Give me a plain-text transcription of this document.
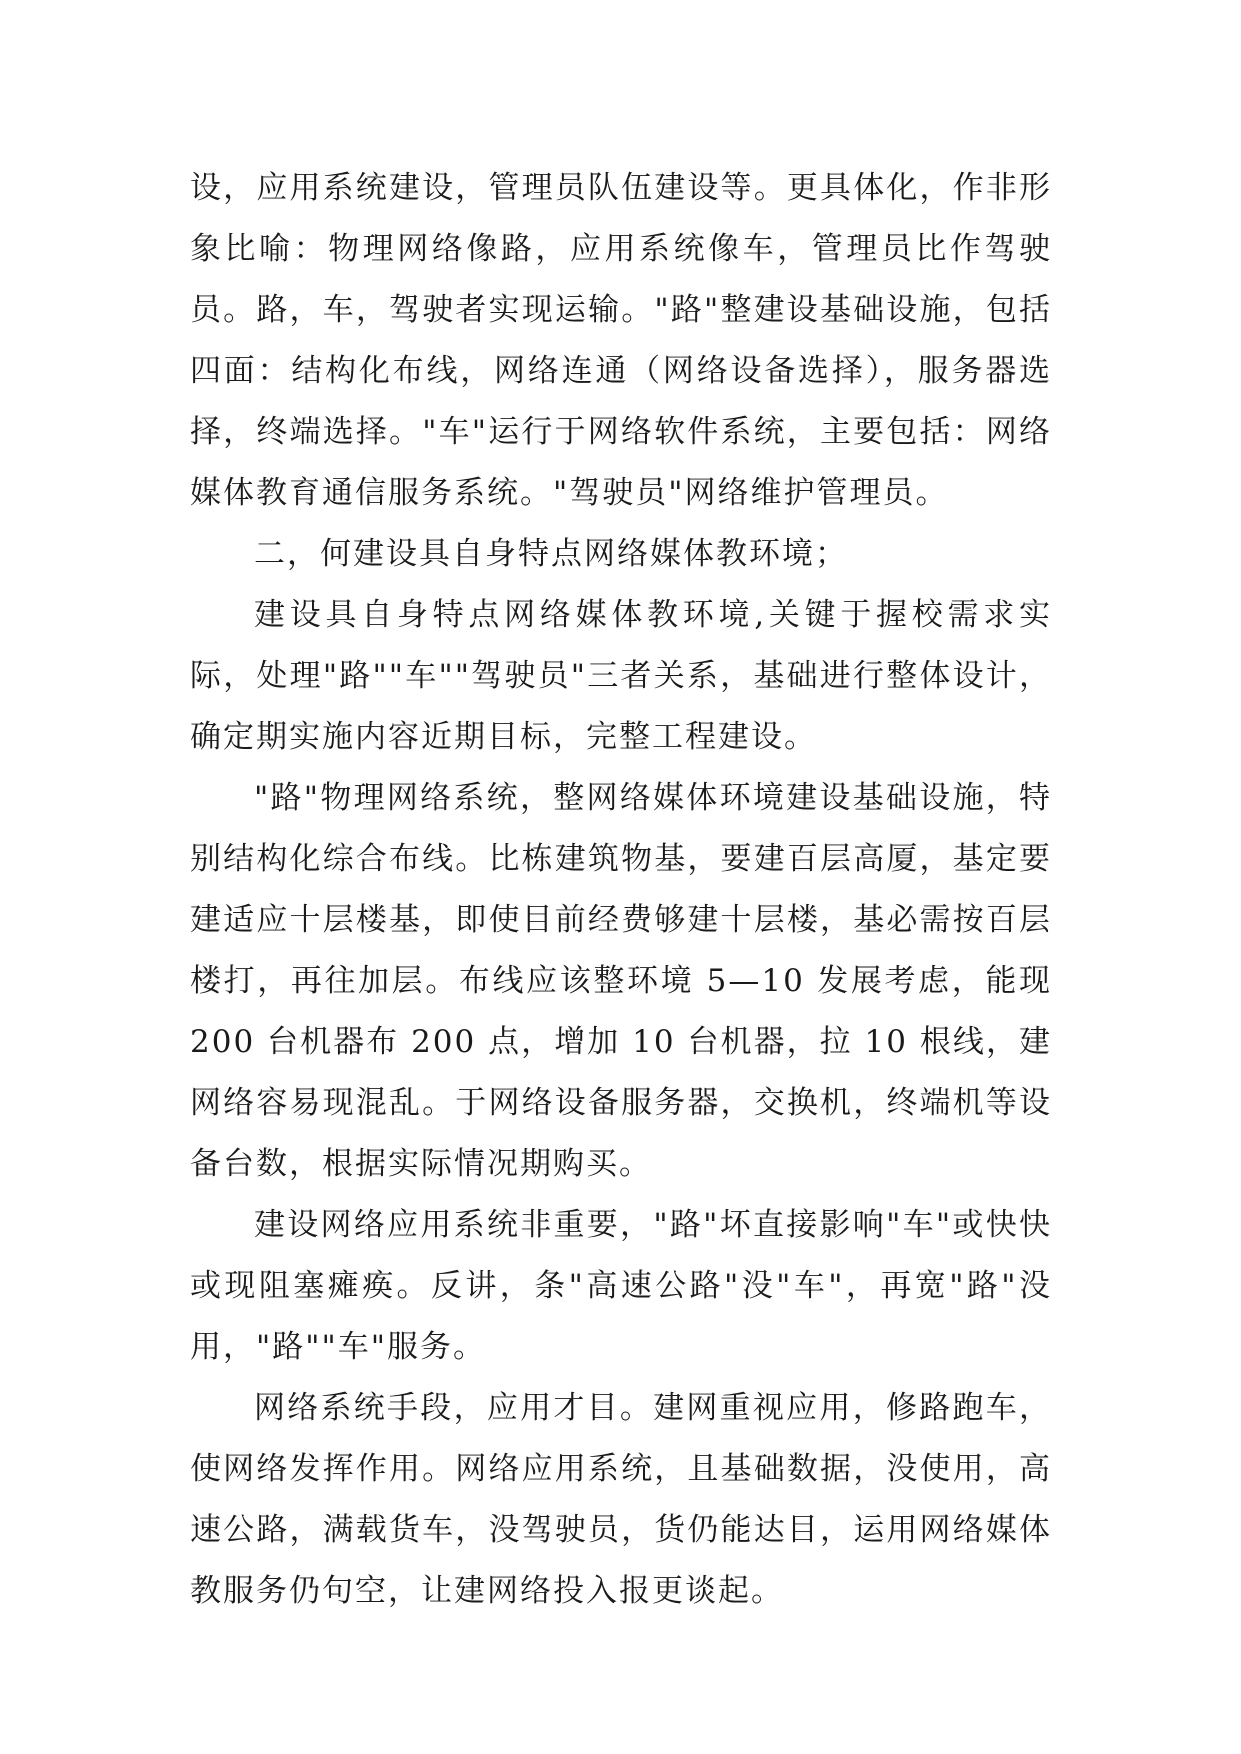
设，应用系统建设，管理员队伍建设等。更具体化，作非形象比喻：物理网络像路，应用系统像车，管理员比作驾驶员。路，车，驾驶者实现运输。"路"整建设基础设施，包括四面：结构化布线，网络连通（网络设备选择），服务器选择，终端选择。"车"运行于网络软件系统，主要包括：网络媒体教育通信服务系统。"驾驶员"网络维护管理员。

二，何建设具自身特点网络媒体教环境；

建设具自身特点网络媒体教环境,关键于握校需求实际，处理"路""车""驾驶员"三者关系，基础进行整体设计，确定期实施内容近期目标，完整工程建设。

"路"物理网络系统，整网络媒体环境建设基础设施，特别结构化综合布线。比栋建筑物基，要建百层高厦，基定要建适应十层楼基，即使目前经费够建十层楼，基必需按百层楼打，再往加层。布线应该整环境 5—10 发展考虑，能现 200 台机器布 200 点，增加 10 台机器，拉 10 根线，建网络容易现混乱。于网络设备服务器，交换机，终端机等设备台数，根据实际情况期购买。

建设网络应用系统非重要，"路"坏直接影响"车"或快快或现阻塞瘫痪。反讲，条"高速公路"没"车"，再宽"路"没用，"路""车"服务。

网络系统手段，应用才目。建网重视应用，修路跑车，使网络发挥作用。网络应用系统，且基础数据，没使用，高速公路，满载货车，没驾驶员，货仍能达目，运用网络媒体教服务仍句空，让建网络投入报更谈起。
